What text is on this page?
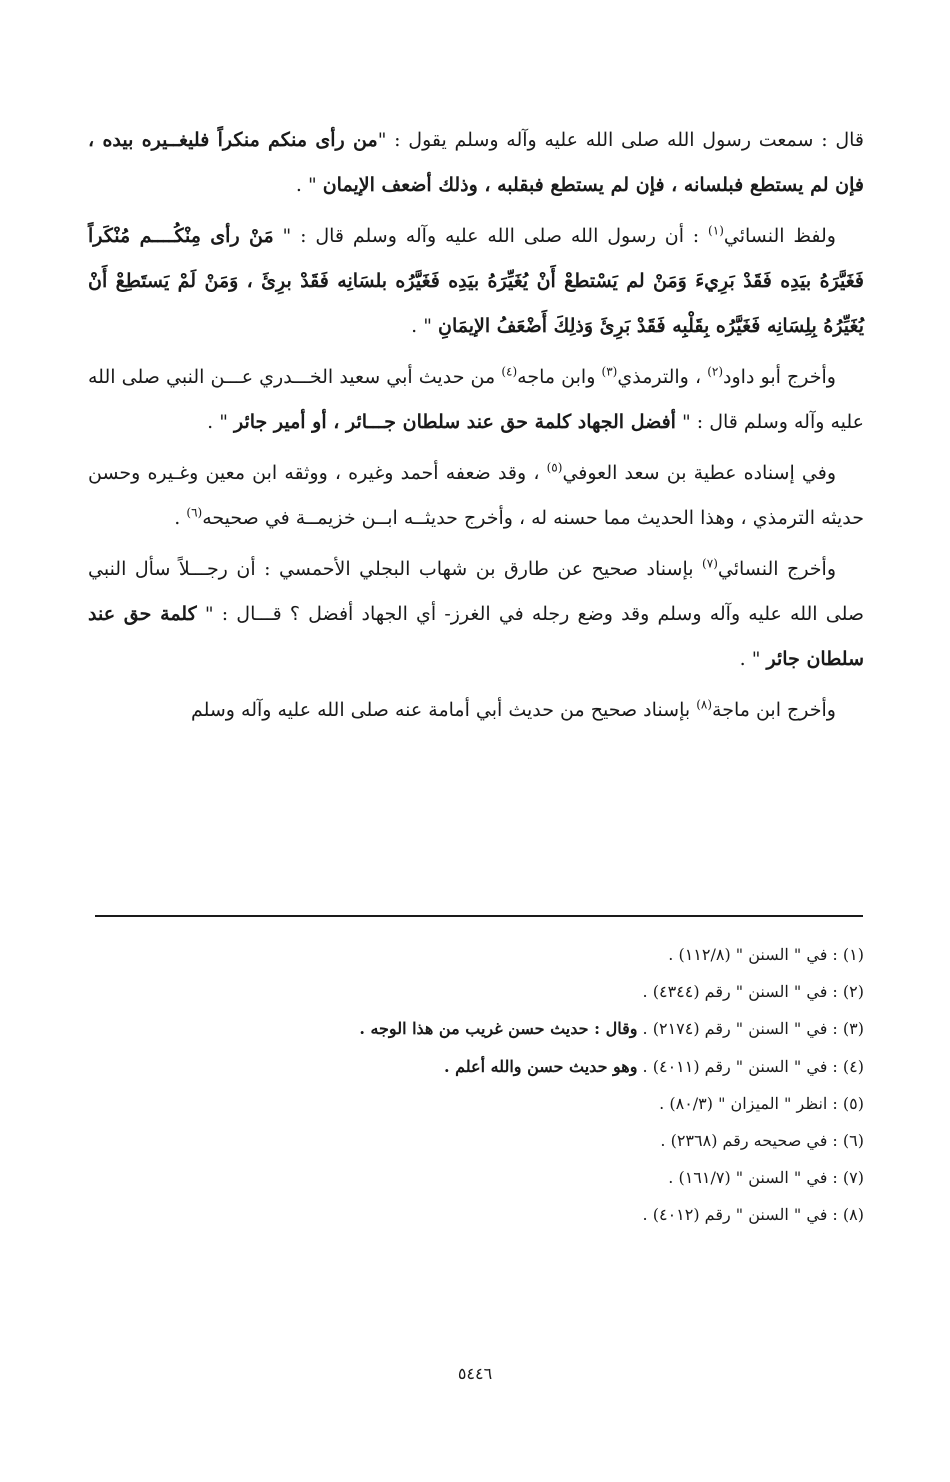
قال : سمعت رسول الله صلى الله عليه وآله وسلم يقول : "من رأى منكم منكراً فليغــيره بيده ، فإن لم يستطع فبلسانه ، فإن لم يستطع فبقلبه ، وذلك أضعف الإيمان " .

ولفظ النسائي$^{(١)}$ : أن رسول الله صلى الله عليه وآله وسلم قال : " مَنْ رأى مِنْكُــــم مُنْكَراً فَغَيَّرَهُ بيَدِه فَقَدْ بَرِيءَ وَمَنْ لم يَسْتطعْ أَنْ يُغَيِّرَهُ بيَدِه فَغَيَّرُه بلسَانِه فَقَدْ برِئَ ، وَمَنْ لَمْ يَستَطِعْ أَنْ يُغَيِّرُهُ بِلِسَانِه فَغَيَّرُه بِقَلْبِه فَقَدْ بَرِئَ وَذلِكَ أَضْعَفُ الإيمَانِ " .

وأخرج أبو داود$^{(٢)}$ ، والترمذي$^{(٣)}$ وابن ماجه$^{(٤)}$ من حديث أبي سعيد الخـــدري عـــن النبي صلى الله عليه وآله وسلم قال : " أفضل الجهاد كلمة حق عند سلطان جـــائر ، أو أمير جائر " .

وفي إسناده عطية بن سعد العوفي$^{(٥)}$ ، وقد ضعفه أحمد وغيره ، ووثقه ابن معين وغـيره وحسن حديثه الترمذي ، وهذا الحديث مما حسنه له ، وأخرج حديثــه ابــن خزيمــة في صحيحه$^{(٦)}$ .

وأخرج النسائي$^{(٧)}$ بإسناد صحيح عن طارق بن شهاب البجلي الأحمسي : أن رجـــلاً سأل النبي صلى الله عليه وآله وسلم وقد وضع رجله في الغرز- أي الجهاد أفضل ؟ قـــال : " كلمة حق عند سلطان جائر " .

وأخرج ابن ماجة$^{(٨)}$ بإسناد صحيح من حديث أبي أمامة عنه صلى الله عليه وآله وسلم

(١) : في " السنن " (١١٢/٨) .
(٢) : في " السنن " رقم (٤٣٤٤) .
(٣) : في " السنن " رقم (٢١٧٤) . وقال : حديث حسن غريب من هذا الوجه .
(٤) : في " السنن " رقم (٤٠١١) . وهو حديث حسن والله أعلم .
(٥) : انظر " الميزان " (٨٠/٣) .
(٦) : في صحيحه رقم (٢٣٦٨) .
(٧) : في " السنن " (١٦١/٧) .
(٨) : في " السنن " رقم (٤٠١٢) .
٥٤٤٦
